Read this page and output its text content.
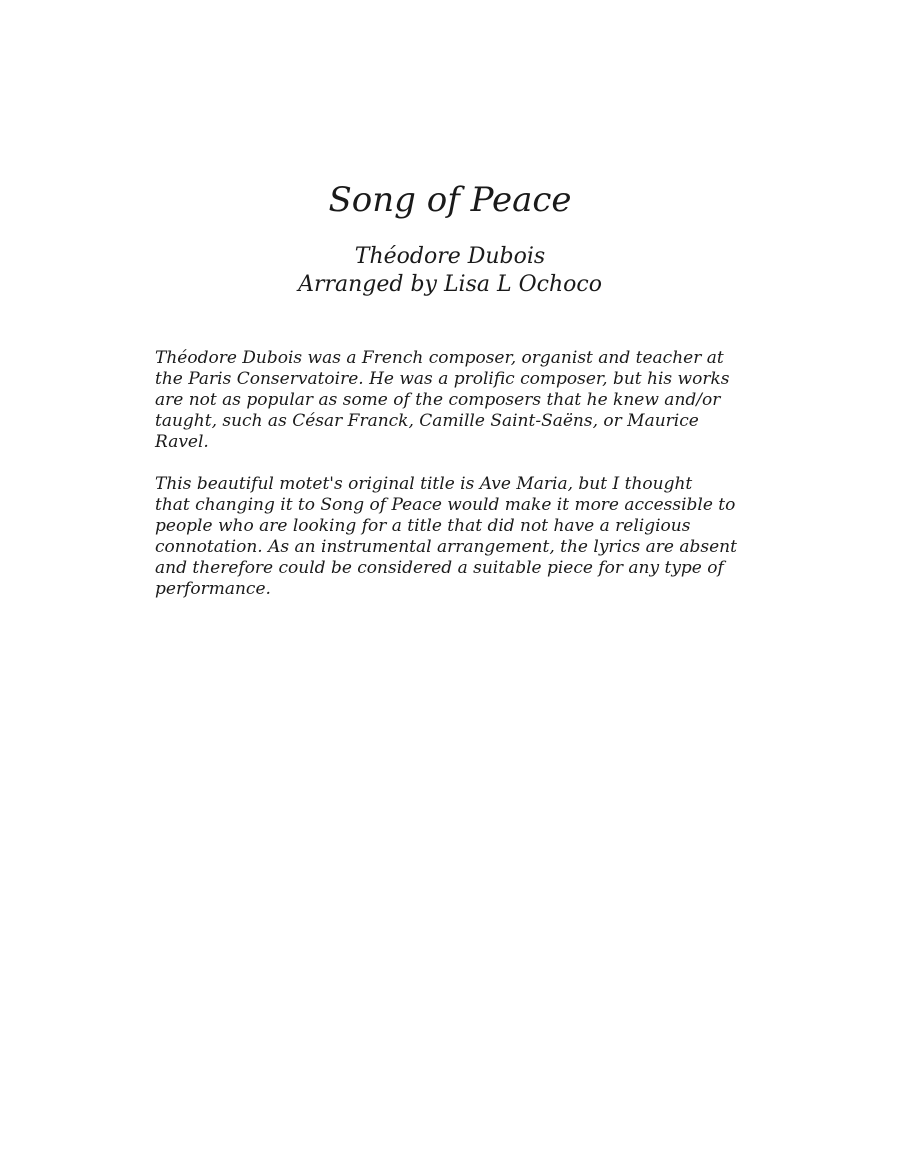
Song of Peace
Théodore Dubois
Arranged by Lisa L Ochoco

Théodore Dubois was a French composer, organist and teacher at
the Paris Conservatoire. He was a prolific composer, but his works
are not as popular as some of the composers that he knew and/or
taught, such as César Franck, Camille Saint-Saëns, or Maurice
Ravel.

This beautiful motet's original title is Ave Maria, but I thought
that changing it to Song of Peace would make it more accessible to
people who are looking for a title that did not have a religious
connotation. As an instrumental arrangement, the lyrics are absent
and therefore could be considered a suitable piece for any type of
performance.
